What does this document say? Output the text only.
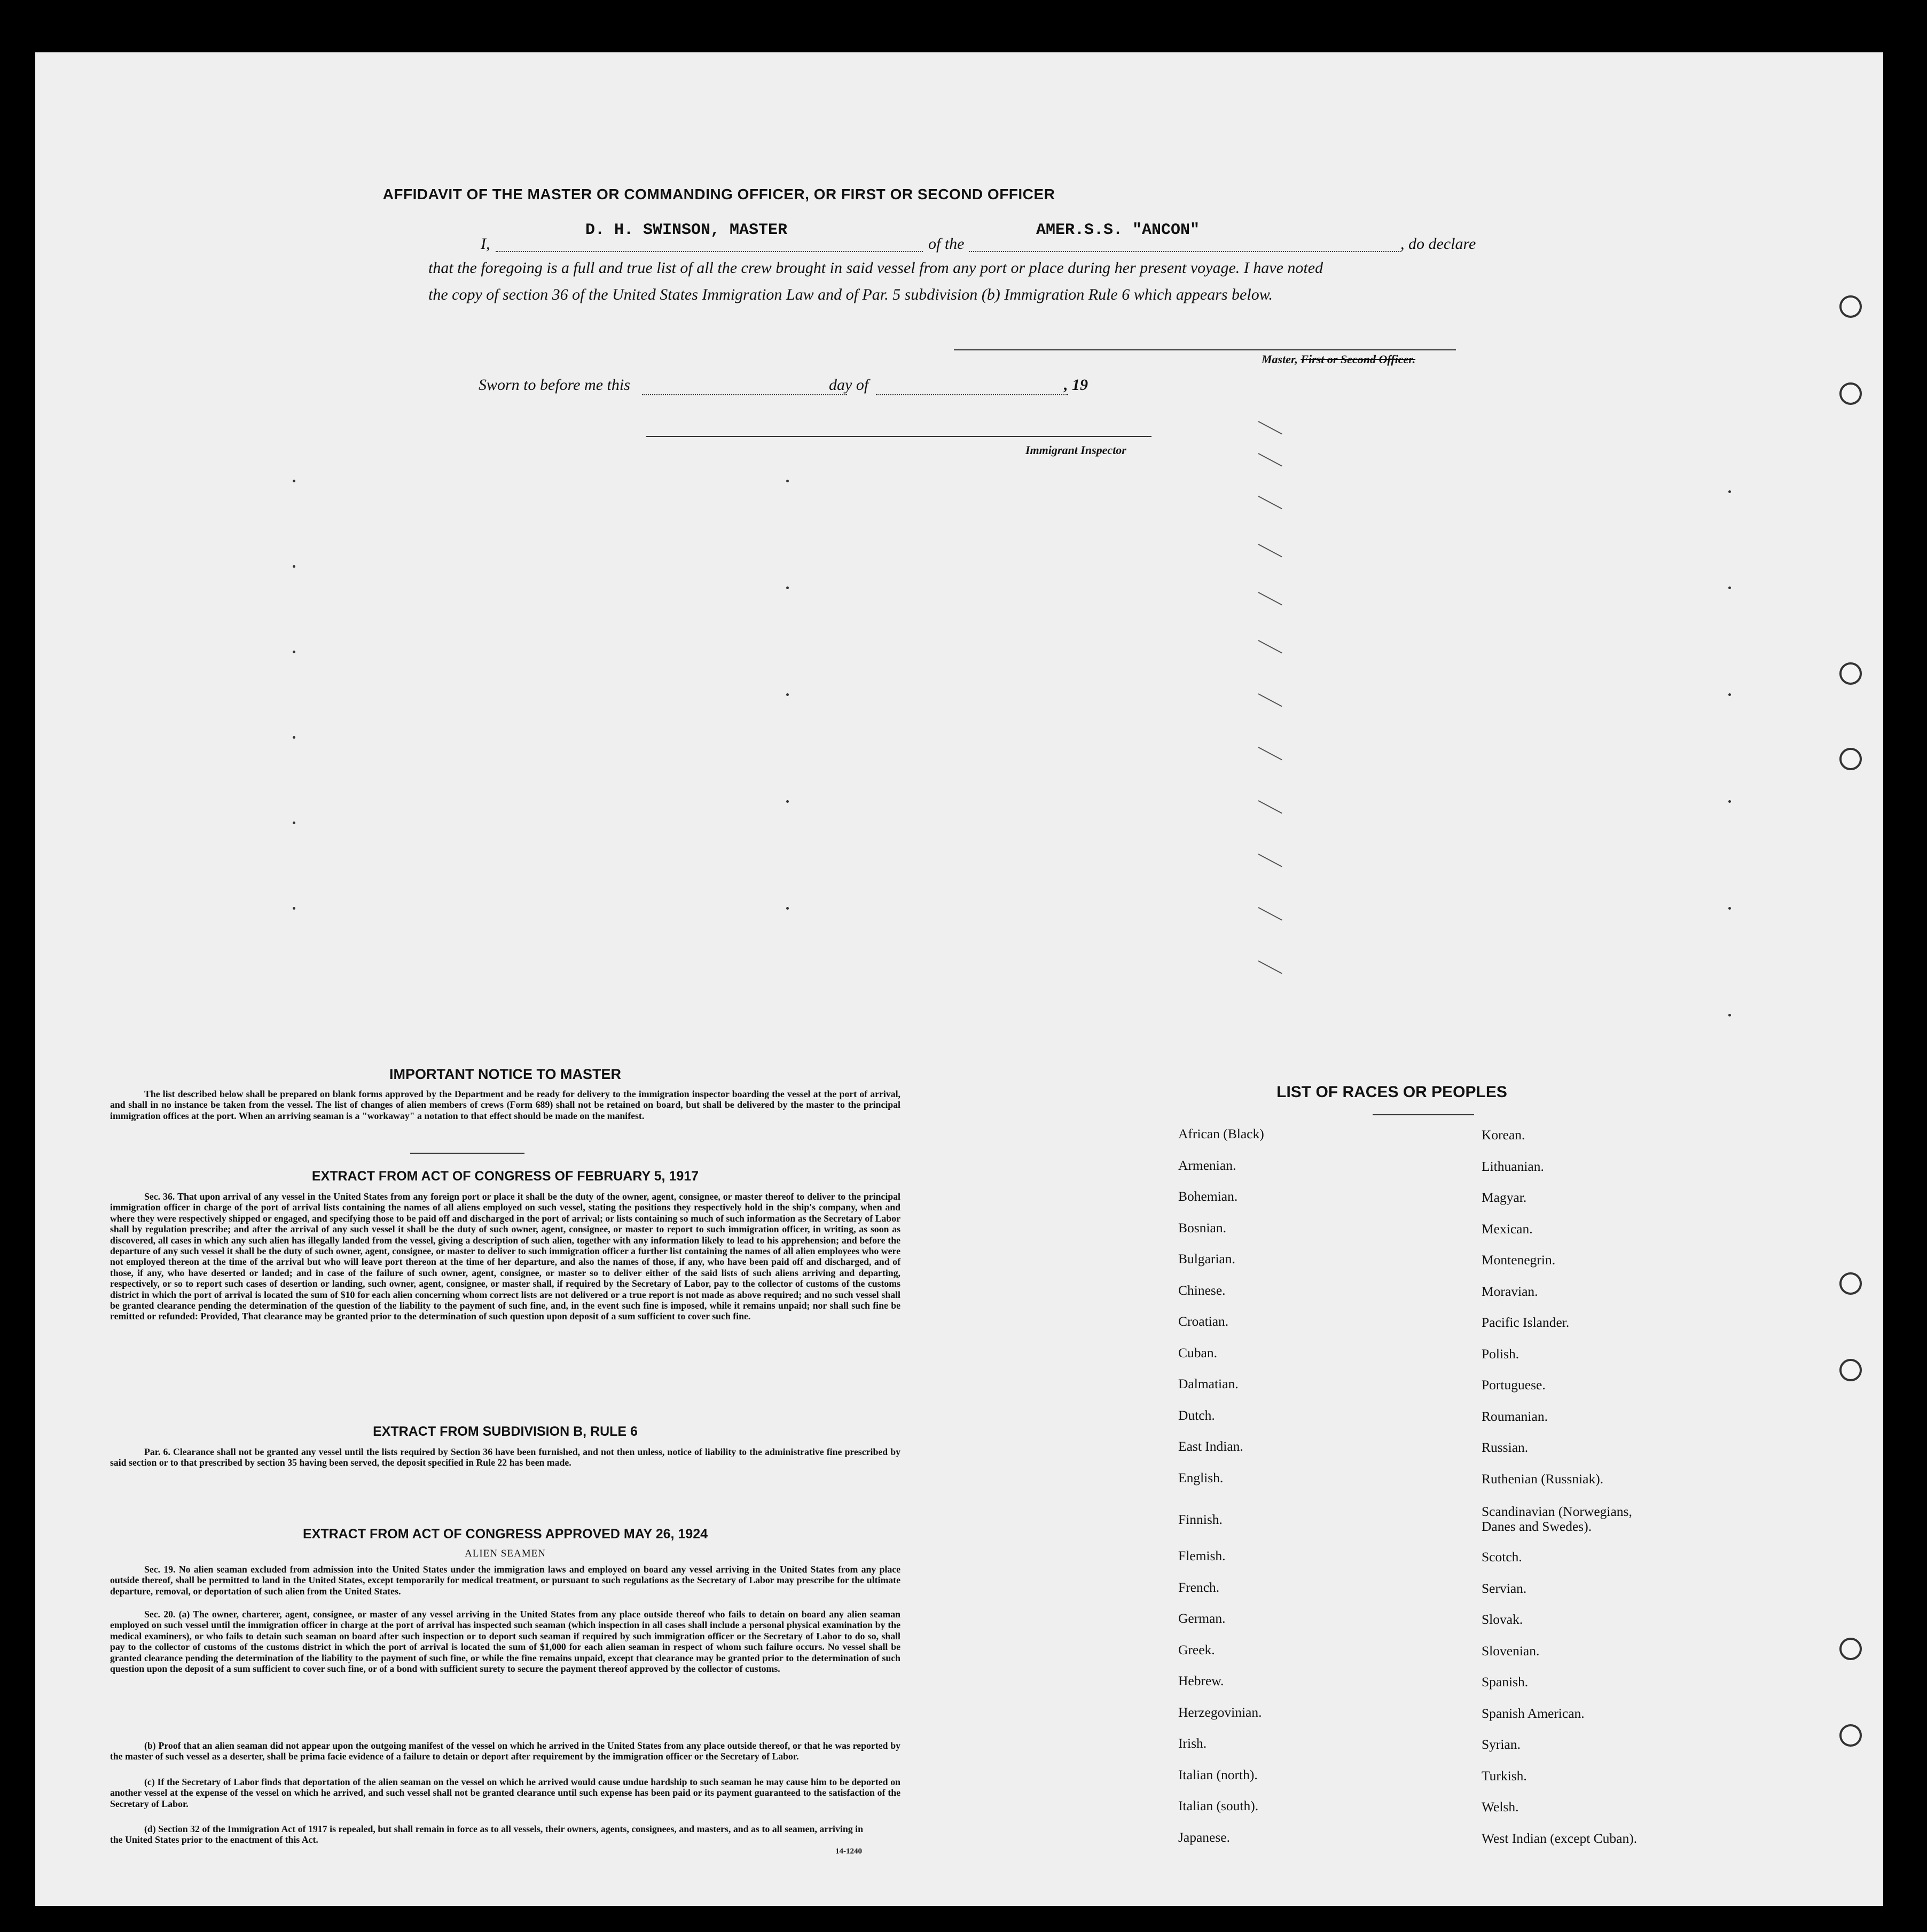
AFFIDAVIT OF THE MASTER OR COMMANDING OFFICER, OR FIRST OR SECOND OFFICER
I,
D. H. SWINSON, MASTER
of the
AMER.S.S. "ANCON"
, do declare
that the foregoing is a full and true list of all the crew brought in said vessel from any port or place during her present voyage. I have noted
the copy of section 36 of the United States Immigration Law and of Par. 5 subdivision (b) Immigration Rule 6 which appears below.
Master, First or Second Officer.
Sworn to before me this	day of	, 19
Immigrant Inspector
IMPORTANT NOTICE TO MASTER
The list described below shall be prepared on blank forms approved by the Department and be ready for delivery to the immigration inspector boarding the vessel at the port of arrival, and shall in no instance be taken from the vessel. The list of changes of alien members of crews (Form 689) shall not be retained on board, but shall be delivered by the master to the principal immigration offices at the port. When an arriving seaman is a "workaway" a notation to that effect should be made on the manifest.
EXTRACT FROM ACT OF CONGRESS OF FEBRUARY 5, 1917
Sec. 36. That upon arrival of any vessel in the United States from any foreign port or place it shall be the duty of the owner, agent, consignee, or master thereof to deliver to the principal immigration officer in charge of the port of arrival lists containing the names of all aliens employed on such vessel, stating the positions they respectively hold in the ship's company, when and where they were respectively shipped or engaged, and specifying those to be paid off and discharged in the port of arrival; or lists containing so much of such information as the Secretary of Labor shall by regulation prescribe; and after the arrival of any such vessel it shall be the duty of such owner, agent, consignee, or master to report to such immigration officer, in writing, as soon as discovered, all cases in which any such alien has illegally landed from the vessel, giving a description of such alien, together with any information likely to lead to his apprehension; and before the departure of any such vessel it shall be the duty of such owner, agent, consignee, or master to deliver to such immigration officer a further list containing the names of all alien employees who were not employed thereon at the time of the arrival but who will leave port thereon at the time of her departure, and also the names of those, if any, who have been paid off and discharged, and of those, if any, who have deserted or landed; and in case of the failure of such owner, agent, consignee, or master so to deliver either of the said lists of such aliens arriving and departing, respectively, or so to report such cases of desertion or landing, such owner, agent, consignee, or master shall, if required by the Secretary of Labor, pay to the collector of customs of the customs district in which the port of arrival is located the sum of $10 for each alien concerning whom correct lists are not delivered or a true report is not made as above required; and no such vessel shall be granted clearance pending the determination of the question of the liability to the payment of such fine, and, in the event such fine is imposed, while it remains unpaid; nor shall such fine be remitted or refunded: Provided, That clearance may be granted prior to the determination of such question upon deposit of a sum sufficient to cover such fine.
EXTRACT FROM SUBDIVISION B, RULE 6
Par. 6. Clearance shall not be granted any vessel until the lists required by Section 36 have been furnished, and not then unless, notice of liability to the administrative fine prescribed by said section or to that prescribed by section 35 having been served, the deposit specified in Rule 22 has been made.
EXTRACT FROM ACT OF CONGRESS APPROVED MAY 26, 1924
ALIEN SEAMEN
Sec. 19. No alien seaman excluded from admission into the United States under the immigration laws and employed on board any vessel arriving in the United States from any place outside thereof, shall be permitted to land in the United States, except temporarily for medical treatment, or pursuant to such regulations as the Secretary of Labor may prescribe for the ultimate departure, removal, or deportation of such alien from the United States.
Sec. 20. (a) The owner, charterer, agent, consignee, or master of any vessel arriving in the United States from any place outside thereof who fails to detain on board any alien seaman employed on such vessel until the immigration officer in charge at the port of arrival has inspected such seaman (which inspection in all cases shall include a personal physical examination by the medical examiners), or who fails to detain such seaman on board after such inspection or to deport such seaman if required by such immigration officer or the Secretary of Labor to do so, shall pay to the collector of customs of the customs district in which the port of arrival is located the sum of $1,000 for each alien seaman in respect of whom such failure occurs. No vessel shall be granted clearance pending the determination of the liability to the payment of such fine, or while the fine remains unpaid, except that clearance may be granted prior to the determination of such question upon the deposit of a sum sufficient to cover such fine, or of a bond with sufficient surety to secure the payment thereof approved by the collector of customs.
(b) Proof that an alien seaman did not appear upon the outgoing manifest of the vessel on which he arrived in the United States from any place outside thereof, or that he was reported by the master of such vessel as a deserter, shall be prima facie evidence of a failure to detain or deport after requirement by the immigration officer or the Secretary of Labor.
(c) If the Secretary of Labor finds that deportation of the alien seaman on the vessel on which he arrived would cause undue hardship to such seaman he may cause him to be deported on another vessel at the expense of the vessel on which he arrived, and such vessel shall not be granted clearance until such expense has been paid or its payment guaranteed to the satisfaction of the Secretary of Labor.
(d) Section 32 of the Immigration Act of 1917 is repealed, but shall remain in force as to all vessels, their owners, agents, consignees, and masters, and as to all seamen, arriving in the United States prior to the enactment of this Act.
14-1240
LIST OF RACES OR PEOPLES
African (Black)
Armenian.
Bohemian.
Bosnian.
Bulgarian.
Chinese.
Croatian.
Cuban.
Dalmatian.
Dutch.
East Indian.
English.
Finnish.
Flemish.
French.
German.
Greek.
Hebrew.
Herzegovinian.
Irish.
Italian (north).
Italian (south).
Japanese.
Korean.
Lithuanian.
Magyar.
Mexican.
Montenegrin.
Moravian.
Pacific Islander.
Polish.
Portuguese.
Roumanian.
Russian.
Ruthenian (Russniak).
Scandinavian (Norwegians, Danes and Swedes).
Scotch.
Servian.
Slovak.
Slovenian.
Spanish.
Spanish American.
Syrian.
Turkish.
Welsh.
West Indian (except Cuban).
